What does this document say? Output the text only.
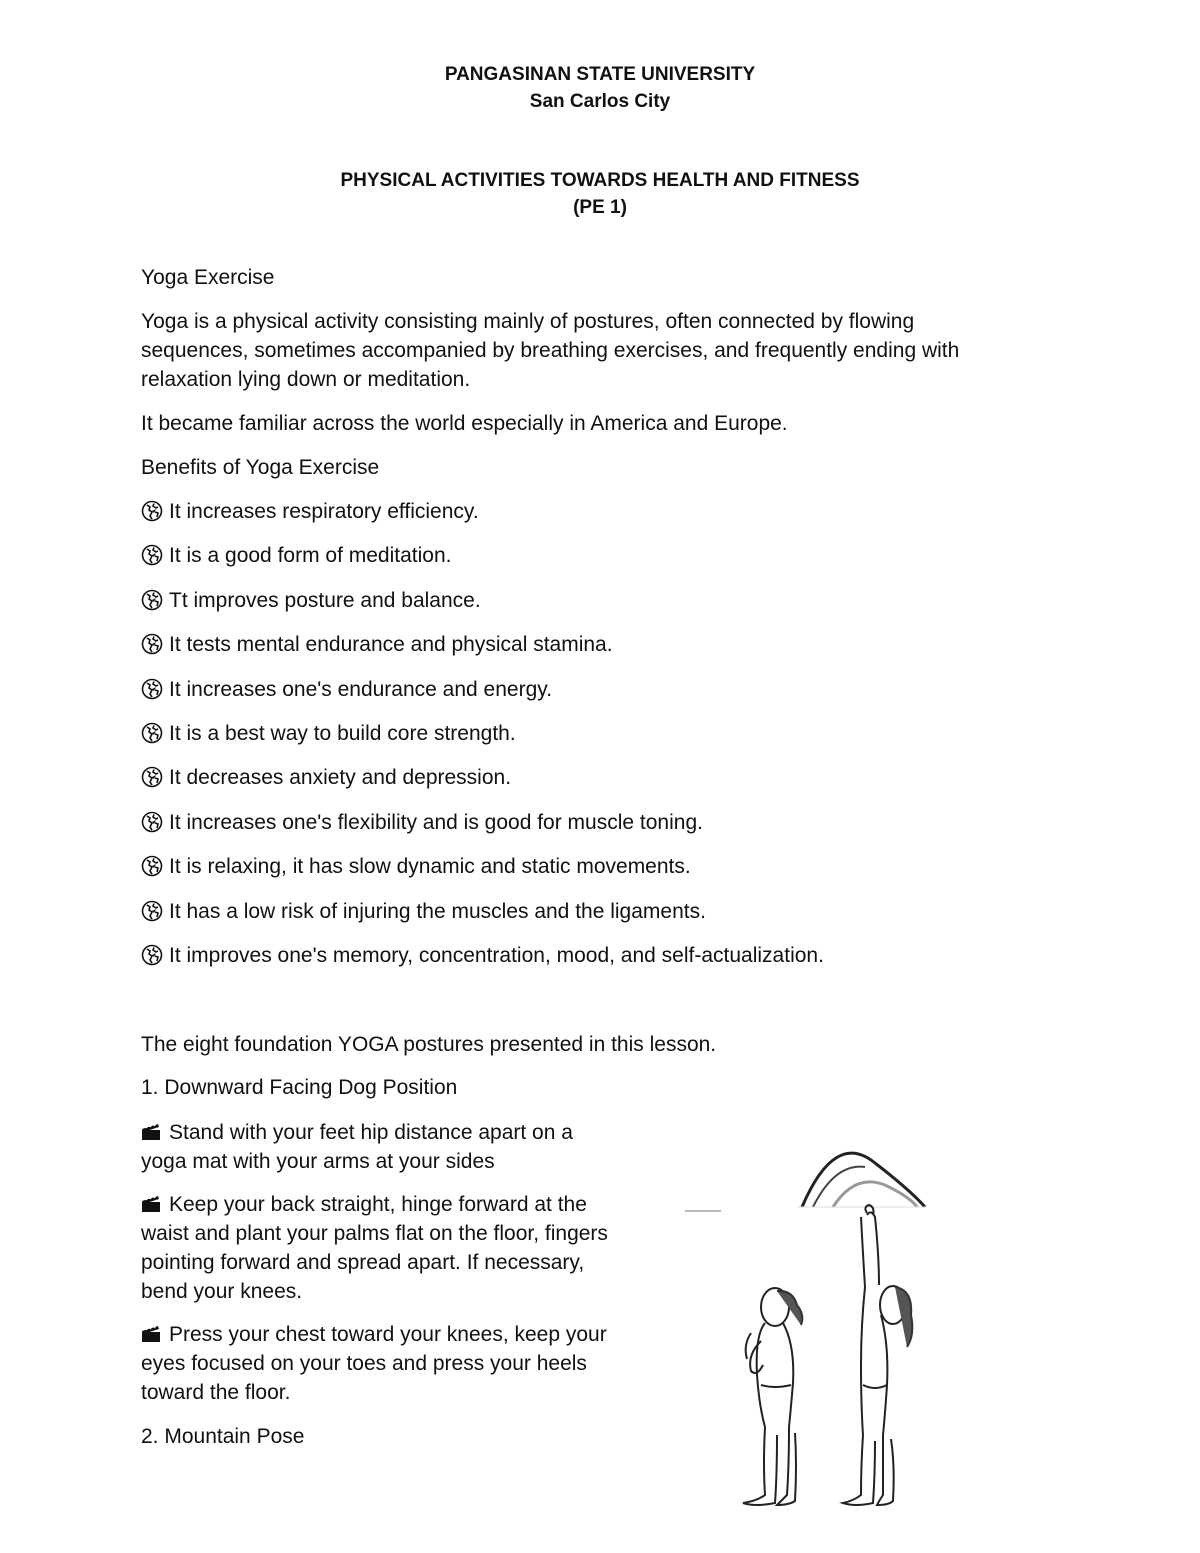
PANGASINAN STATE UNIVERSITY
San Carlos City
PHYSICAL ACTIVITIES TOWARDS HEALTH AND FITNESS
(PE 1)
Yoga Exercise
Yoga is a physical activity consisting mainly of postures, often connected by flowing
sequences, sometimes accompanied by breathing exercises, and frequently ending with
relaxation lying down or meditation.
It became familiar across the world especially in America and Europe.
Benefits of Yoga Exercise
It increases respiratory efficiency.
It is a good form of meditation.
Tt improves posture and balance.
It tests mental endurance and physical stamina.
It increases one's endurance and energy.
It is a best way to build core strength.
It decreases anxiety and depression.
It increases one's flexibility and is good for muscle toning.
It is relaxing, it has slow dynamic and static movements.
It has a low risk of injuring the muscles and the ligaments.
It improves one's memory, concentration, mood, and self-actualization.
The eight foundation YOGA postures presented in this lesson.
1. Downward Facing Dog Position

Stand with your feet hip distance apart on a
yoga mat with your arms at your sides

Keep your back straight, hinge forward at the
waist and plant your palms flat on the floor, fingers
pointing forward and spread apart. If necessary,
bend your knees.

Press your chest toward your knees, keep your
eyes focused on your toes and press your heels
toward the floor.

2. Mountain Pose
